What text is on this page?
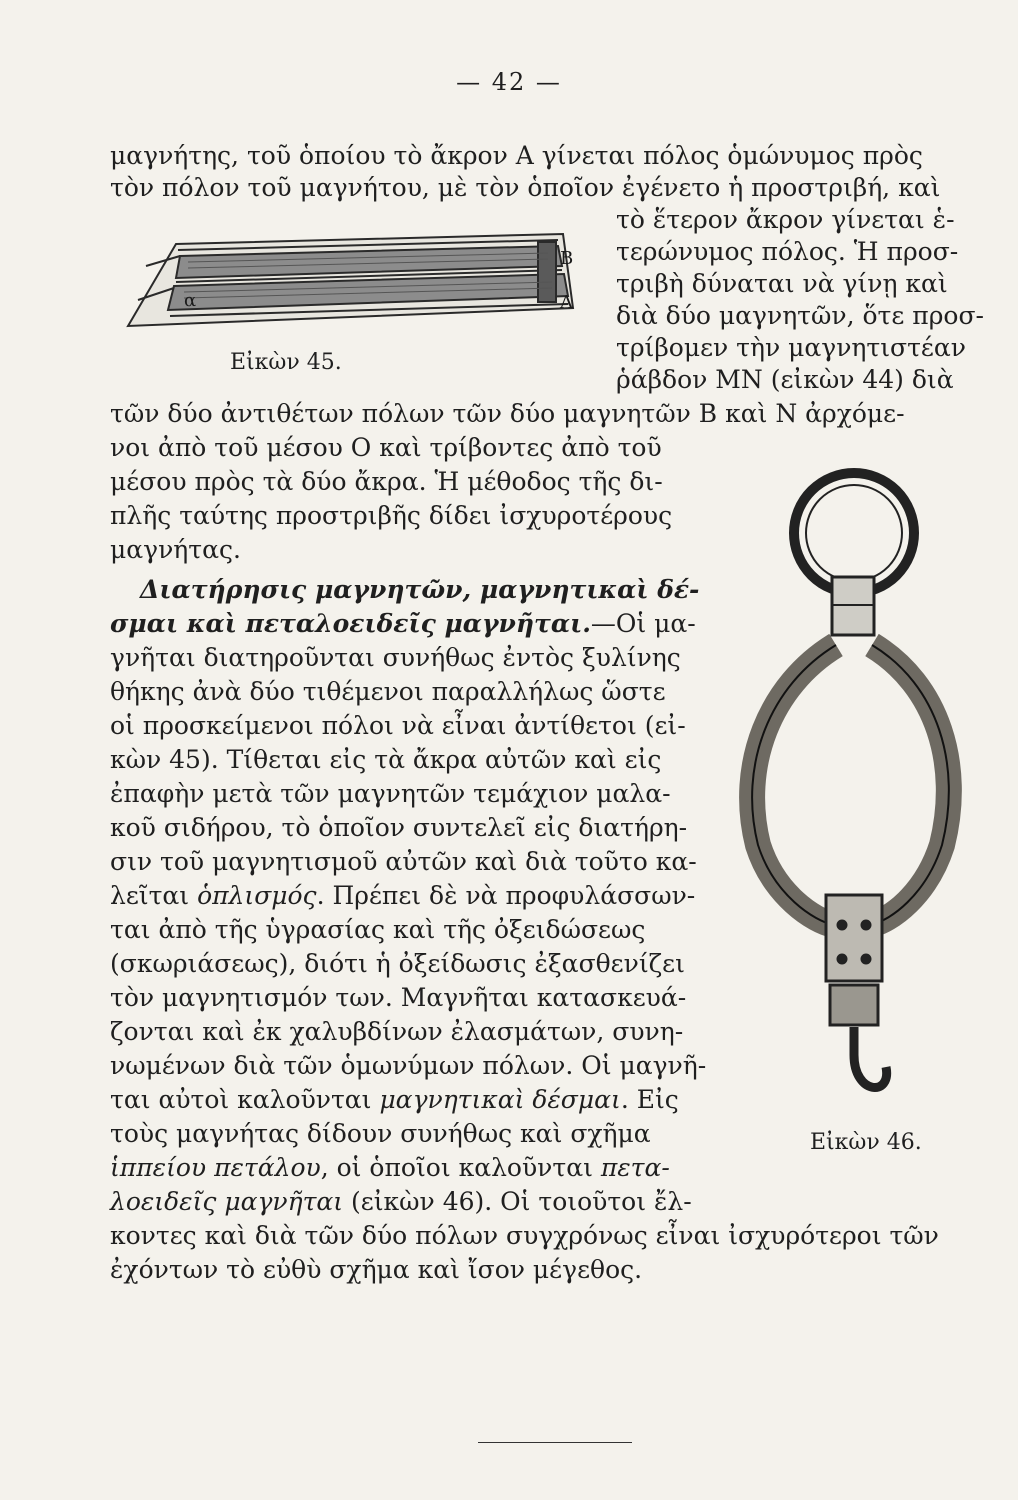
— 42 —
μαγνήτης, τοῦ ὁποίου τὸ ἄκρον Α γίνεται πόλος ὁμώνυμος πρὸς
τὸν πόλον τοῦ μαγνήτου, μὲ τὸν ὁποῖον ἐγένετο ἡ προστριβή, καὶ
τὸ ἕτερον ἄκρον γίνεται ἑ-
τερώνυμος πόλος. Ἡ προσ-
τριβὴ δύναται νὰ γίνῃ καὶ
διὰ δύο μαγνητῶν, ὅτε προσ-
τρίβομεν τὴν μαγνητιστέαν
ῥάβδον ΜΝ (εἰκὼν 44) διὰ
τῶν δύο ἀντιθέτων πόλων τῶν δύο μαγνητῶν Β καὶ Ν ἀρχόμε-
νοι ἀπὸ τοῦ μέσου Ο καὶ τρίβοντες ἀπὸ τοῦ
μέσου πρὸς τὰ δύο ἄκρα. Ἡ μέθοδος τῆς δι-
πλῆς ταύτης προστριβῆς δίδει ἰσχυροτέρους
μαγνήτας.
Διατήρησις μαγνητῶν, μαγνητικαὶ δέ-
σμαι καὶ πεταλοειδεῖς μαγνῆται.—Οἱ μα-
γνῆται διατηροῦνται συνήθως ἐντὸς ξυλίνης
θήκης ἀνὰ δύο τιθέμενοι παραλλήλως ὥστε
οἱ προσκείμενοι πόλοι νὰ εἶναι ἀντίθετοι (εἰ-
κὼν 45). Τίθεται εἰς τὰ ἄκρα αὐτῶν καὶ εἰς
ἐπαφὴν μετὰ τῶν μαγνητῶν τεμάχιον μαλα-
κοῦ σιδήρου, τὸ ὁποῖον συντελεῖ εἰς διατήρη-
σιν τοῦ μαγνητισμοῦ αὐτῶν καὶ διὰ τοῦτο κα-
λεῖται ὁπλισμός. Πρέπει δὲ νὰ προφυλάσσων-
ται ἀπὸ τῆς ὑγρασίας καὶ τῆς ὀξειδώσεως
(σκωριάσεως), διότι ἡ ὀξείδωσις ἐξασθενίζει
τὸν μαγνητισμόν των. Μαγνῆται κατασκευά-
ζονται καὶ ἐκ χαλυβδίνων ἐλασμάτων, συνη-
νωμένων διὰ τῶν ὁμωνύμων πόλων. Οἱ μαγνῆ-
ται αὐτοὶ καλοῦνται μαγνητικαὶ δέσμαι. Εἰς
τοὺς μαγνήτας δίδουν συνήθως καὶ σχῆμα
ἱππείου πετάλου, οἱ ὁποῖοι καλοῦνται πετα-
λοειδεῖς μαγνῆται (εἰκὼν 46). Οἱ τοιοῦτοι ἔλ-
κοντες καὶ διὰ τῶν δύο πόλων συγχρόνως εἶναι ἰσχυρότεροι τῶν
ἐχόντων τὸ εὐθὺ σχῆμα καὶ ἴσον μέγεθος.
α
Β
Α
Εἰκὼν 45.
Εἰκὼν 46.
